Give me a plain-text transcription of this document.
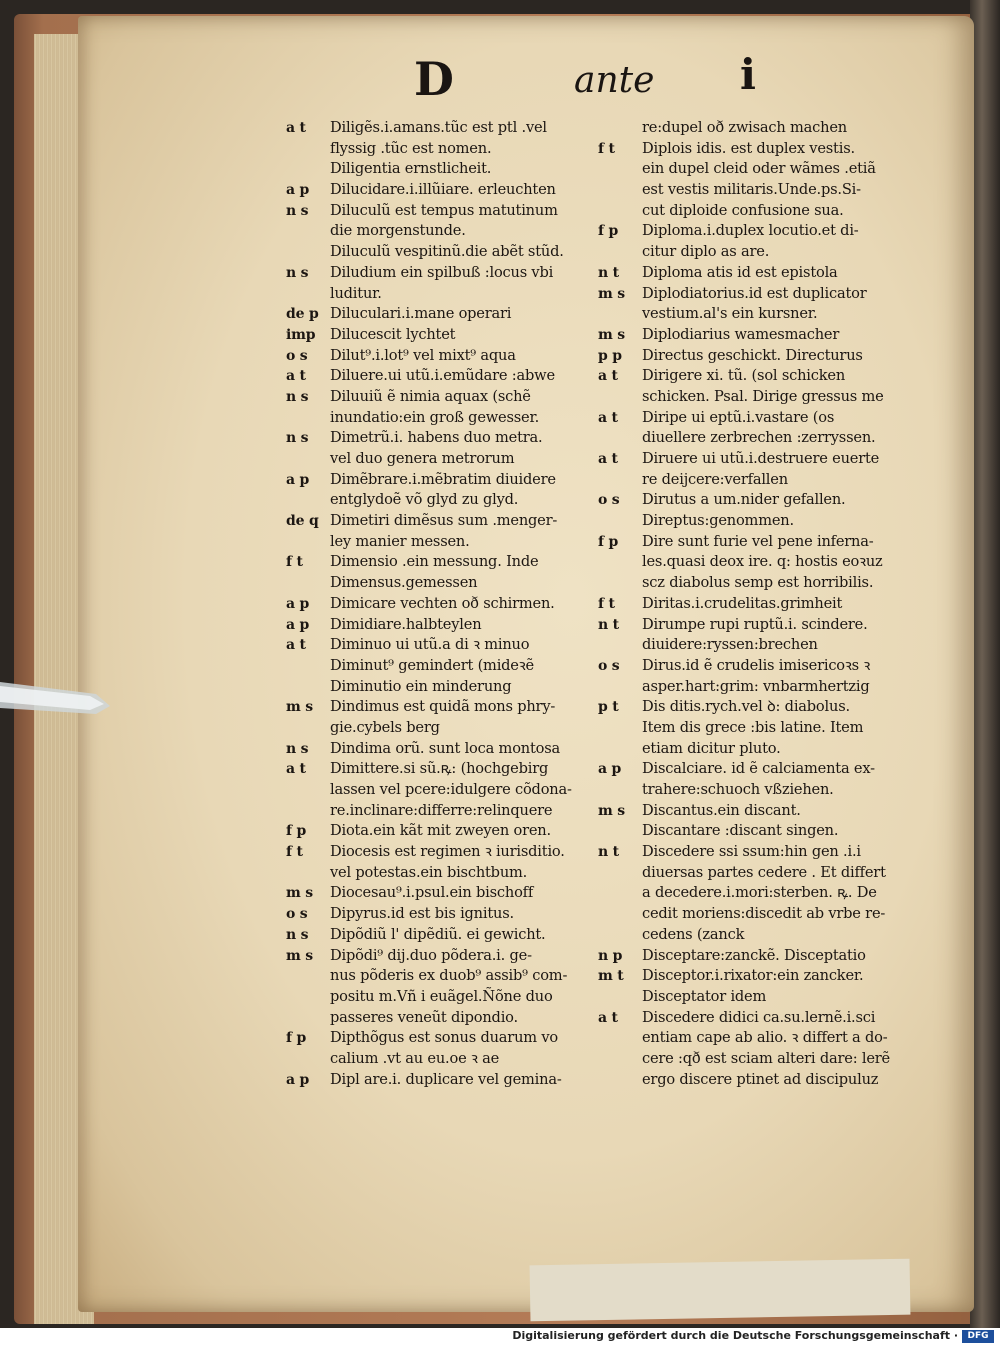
D	ante i
a t	Diligẽs.i.amans.tũc est ptl .vel
flyssig .tũc est nomen.
Diligentia ernstlicheit.
a p	Dilucidare.i.illũiare. erleuchten
n s	Diluculũ est tempus matutinum
die morgenstunde.
Diluculũ vespitinũ.die abẽt stũd.
n s	Diludium ein spilbuß :locus vbi
luditur.
de p Diluculari.i.mane operari
imp	Dilucescit lychtet
o s	Dilut⁹.i.lot⁹ vel mixt⁹ aqua
a t	Diluere.ui utũ.i.emũdare :abwe
n s	Diluuiũ ẽ nimia aquax (schẽ
inundatio:ein groß gewesser.
n s	Dimetrũ.i. habens duo metra.
vel duo genera metrorum
a p	Dimẽbrare.i.mẽbratim diuidere
entglydoẽ võ glyd zu glyd.
de q Dimetiri dimẽsus sum .menger-
ley manier messen.
f t	Dimensio .ein messung. Inde
Dimensus.gemessen
a p	Dimicare vechten oð schirmen.
a p	Dimidiare.halbteylen
a t	Diminuo ui utũ.a di ꝛ minuo
Diminut⁹ gemindert (mideꝛẽ
Diminutio ein minderung
m s	Dindimus est quidã mons phry-
gie.cybels berg
n s	Dindima orũ. sunt loca montosa
a t	Dimittere.si sũ.ꝶ: (hochgebirg
lassen vel pcere:idulgere cõdona-
re.inclinare:differre:relinquere
f p	Diota.ein kãt mit zweyen oren.
f t	Diocesis est regimen ꝛ iurisditio.
vel potestas.ein bischtbum.
m s	Diocesau⁹.i.psul.ein bischoff
o s	Dipyrus.id est bis ignitus.
n s	Dipõdiũ l' dipẽdiũ. ei gewicht.
m s	Dipõdi⁹ dij.duo põdera.i. ge-
nus põderis ex duob⁹ assib⁹ com-
positu m.Vñ i euãgel.Ñõne duo
passeres veneũt dipondio.
f p	Dipthõgus est sonus duarum vo
calium .vt au eu.oe ꝛ ae
a p	Dipl are.i. duplicare vel gemina-
re:dupel oð zwisach machen
f t	Diplois idis. est duplex vestis.
ein dupel cleid oder wãmes .etiã
est vestis militaris.Unde.ps.Si-
cut diploide confusione sua.
f p	Diploma.i.duplex locutio.et di-
citur diplo as are.
n t	Diploma atis id est epistola
m s	Diplodiatorius.id est duplicator
vestium.al's ein kursner.
m s	Diplodiarius wamesmacher
p p	Directus geschickt. Directurus
a t	Dirigere xi. tũ. (sol schicken
schicken. Psal. Dirige gressus me
a t	Diripe ui eptũ.i.vastare (os
diuellere zerbrechen :zerryssen.
a t	Diruere ui utũ.i.destruere euerte
re deijcere:verfallen
o s	Dirutus a um.nider gefallen.
Direptus:genommen.
f p	Dire sunt furie vel pene inferna-
les.quasi deox ire. q: hostis eoꝛuz
scz diabolus semp est horribilis.
f t	Diritas.i.crudelitas.grimheit
n t	Dirumpe rupi ruptũ.i. scindere.
diuidere:ryssen:brechen
o s	Dirus.id ẽ crudelis imisericoꝛs ꝛ
asper.hart:grim: vnbarmhertzig
p t	Dis ditis.rych.vel ꝺ: diabolus.
Item dis grece :bis latine. Item
etiam dicitur pluto.
a p	Discalciare. id ẽ calciamenta ex-
trahere:schuoch vßziehen.
m s	Discantus.ein discant.
Discantare :discant singen.
n t	Discedere ssi ssum:hin gen .i.i
diuersas partes cedere . Et differt
a decedere.i.mori:sterben. ꝶ. De
cedit moriens:discedit ab vrbe re-
cedens (zanck
n p	Disceptare:zanckẽ. Disceptatio
m t	Disceptor.i.rixator:ein zancker.
Disceptator idem
a t	Discedere didici ca.su.lernẽ.i.sci
entiam cape ab alio. ꝛ differt a do-
cere :qð est sciam alteri dare: lerẽ
ergo discere ptinet ad discipuluz
Digitalisierung gefördert durch die Deutsche Forschungsgemeinschaft ·	DFG
